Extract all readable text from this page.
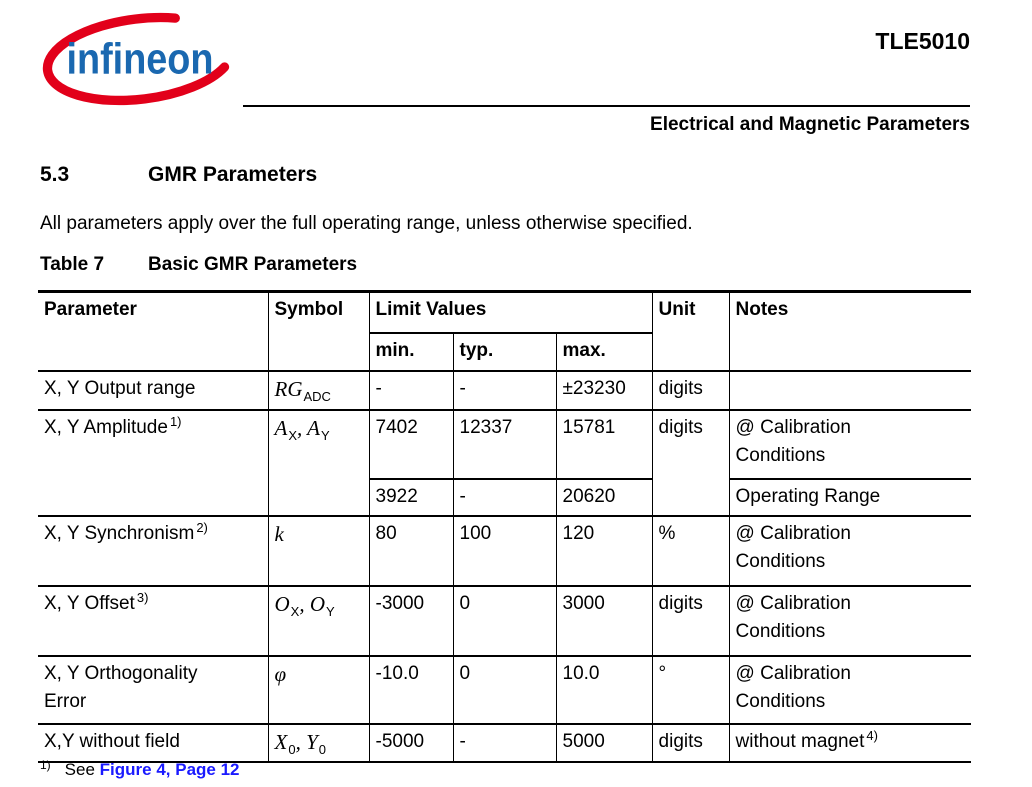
infineon	TLE5010
Electrical and Magnetic Parameters
5.3	GMR Parameters
All parameters apply over the full operating range, unless otherwise specified.
Table 7 Basic GMR Parameters
Parameter	Symbol	Limit Values			Unit	Notes
		min.	typ.	max.		
X, Y Output range	$RG_{ADC}$	-	-	±23230	digits	
X, Y Amplitude $^{1)}$	$A_X$, $A_Y$	7402	12337	15781	digits	@ Calibration
Conditions

		3922	-	20620		Operating Range

X, Y Synchronism $^{2)}$	k	80	100	120	%	@ Calibration
Conditions

X, Y Offset $^{3)}$	$O_X$, $O_Y$	-3000	0	3000	digits	@ Calibration
Conditions

X, Y Orthogonality
Error
	φ	-10.0	0	10.0	°	@ Calibration
Conditions

X,Y without field	$X_0$, $Y_0$	-5000	-	5000	digits	without magnet $^{4)}$
$^{1)}$ See Figure 4, Page 12
